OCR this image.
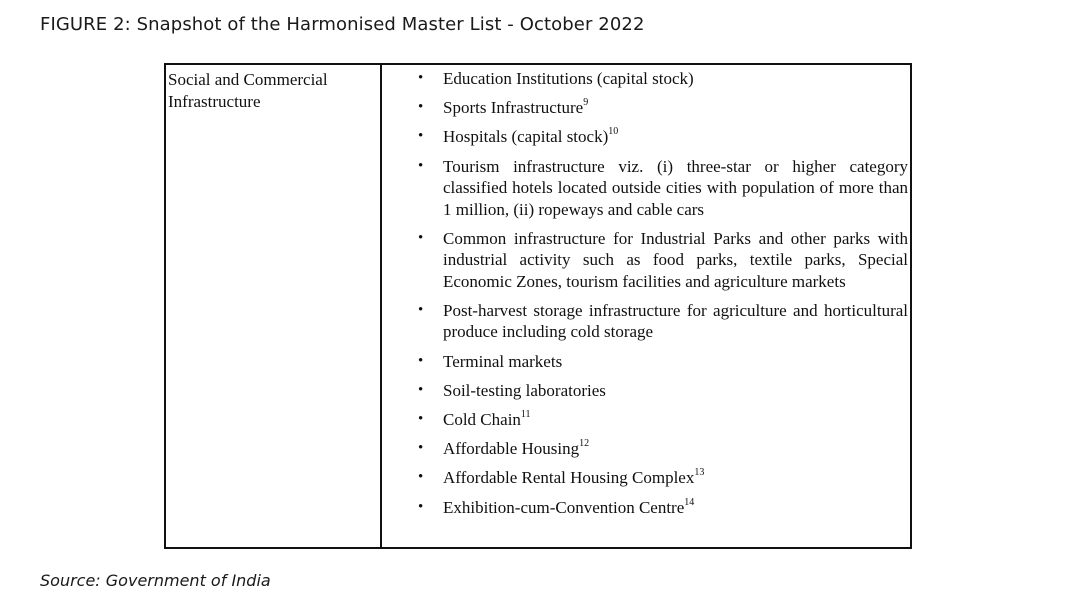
FIGURE 2: Snapshot of the Harmonised Master List - October 2022
Social and Commercial
Infrastructure
• Education Institutions (capital stock)
• Sports Infrastructure$^9$
• Hospitals (capital stock)$^{10}$
• Tourism infrastructure viz. (i) three-star or higher category classified hotels located outside cities with population of more than 1 million, (ii) ropeways and cable cars
• Common infrastructure for Industrial Parks and other parks with industrial activity such as food parks, textile parks, Special Economic Zones, tourism facilities and agriculture markets
• Post-harvest storage infrastructure for agriculture and horticultural produce including cold storage
• Terminal markets
• Soil-testing laboratories
• Cold Chain$^{11}$
• Affordable Housing$^{12}$
• Affordable Rental Housing Complex$^{13}$
• Exhibition-cum-Convention Centre$^{14}$
Source: Government of India
